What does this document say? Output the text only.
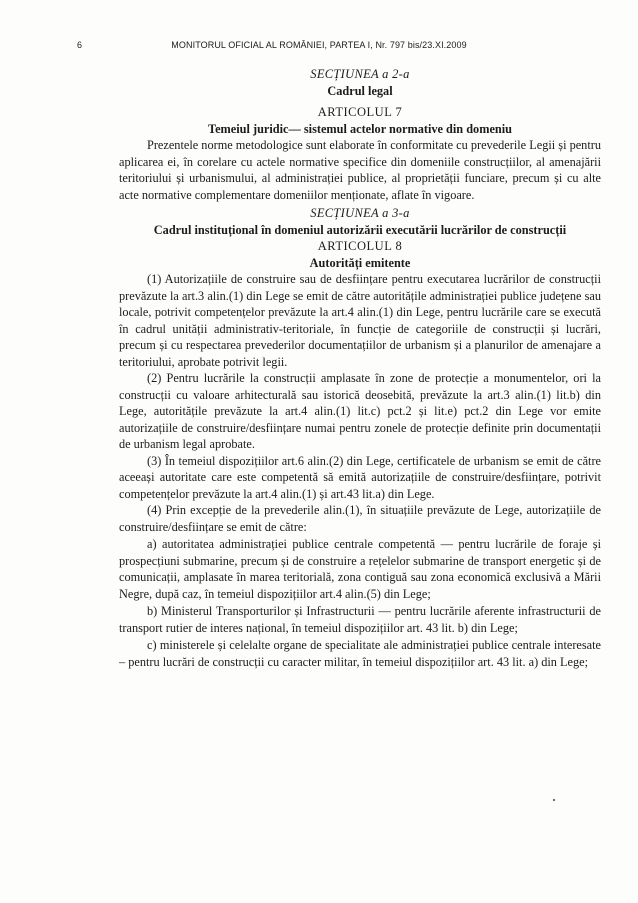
6	MONITORUL OFICIAL AL ROMÂNIEI, PARTEA I, Nr. 797 bis/23.XI.2009
SECȚIUNEA a 2-a
Cadrul legal
ARTICOLUL 7
Temeiul juridic— sistemul actelor normative din domeniu

Prezentele norme metodologice sunt elaborate în conformitate cu prevederile Legii și pentru aplicarea ei, în corelare cu actele normative specifice din domeniile construcțiilor, al amenajării teritoriului și urbanismului, al administrației publice, al proprietății funciare, precum și cu alte acte normative complementare domeniilor menționate, aflate în vigoare.

SECȚIUNEA a 3-a
Cadrul instituțional în domeniul autorizării executării lucrărilor de construcții
ARTICOLUL 8
Autorități emitente

(1) Autorizațiile de construire sau de desființare pentru executarea lucrărilor de construcții prevăzute la art.3 alin.(1) din Lege se emit de către autoritățile administrației publice județene sau locale, potrivit competențelor prevăzute la art.4 alin.(1) din Lege, pentru lucrările care se execută în cadrul unității administrativ-teritoriale, în funcție de categoriile de construcții și lucrări, precum și cu respectarea prevederilor documentațiilor de urbanism și a planurilor de amenajare a teritoriului, aprobate potrivit legii.

(2) Pentru lucrările la construcții amplasate în zone de protecție a monumentelor, ori la construcții cu valoare arhitecturală sau istorică deosebită, prevăzute la art.3 alin.(1) lit.b) din Lege, autoritățile prevăzute la art.4 alin.(1) lit.c) pct.2 și lit.e) pct.2 din Lege vor emite autorizațiile de construire/desființare numai pentru zonele de protecție definite prin documentații de urbanism legal aprobate.

(3) În temeiul dispozițiilor art.6 alin.(2) din Lege, certificatele de urbanism se emit de către aceeași autoritate care este competentă să emită autorizațiile de construire/desființare, potrivit competențelor prevăzute la art.4 alin.(1) și art.43 lit.a) din Lege.

(4) Prin excepție de la prevederile alin.(1), în situațiile prevăzute de Lege, autorizațiile de construire/desființare se emit de către:

a) autoritatea administrației publice centrale competentă — pentru lucrările de foraje și prospecțiuni submarine, precum și de construire a rețelelor submarine de transport energetic și de comunicații, amplasate în marea teritorială, zona contiguă sau zona economică exclusivă a Mării Negre, după caz, în temeiul dispozițiilor art.4 alin.(5) din Lege;

b) Ministerul Transporturilor și Infrastructurii — pentru lucrările aferente infrastructurii de transport rutier de interes național, în temeiul dispozițiilor art. 43 lit. b) din Lege;

c) ministerele și celelalte organe de specialitate ale administrației publice centrale interesate – pentru lucrări de construcții cu caracter militar, în temeiul dispozițiilor art. 43 lit. a) din Lege;
